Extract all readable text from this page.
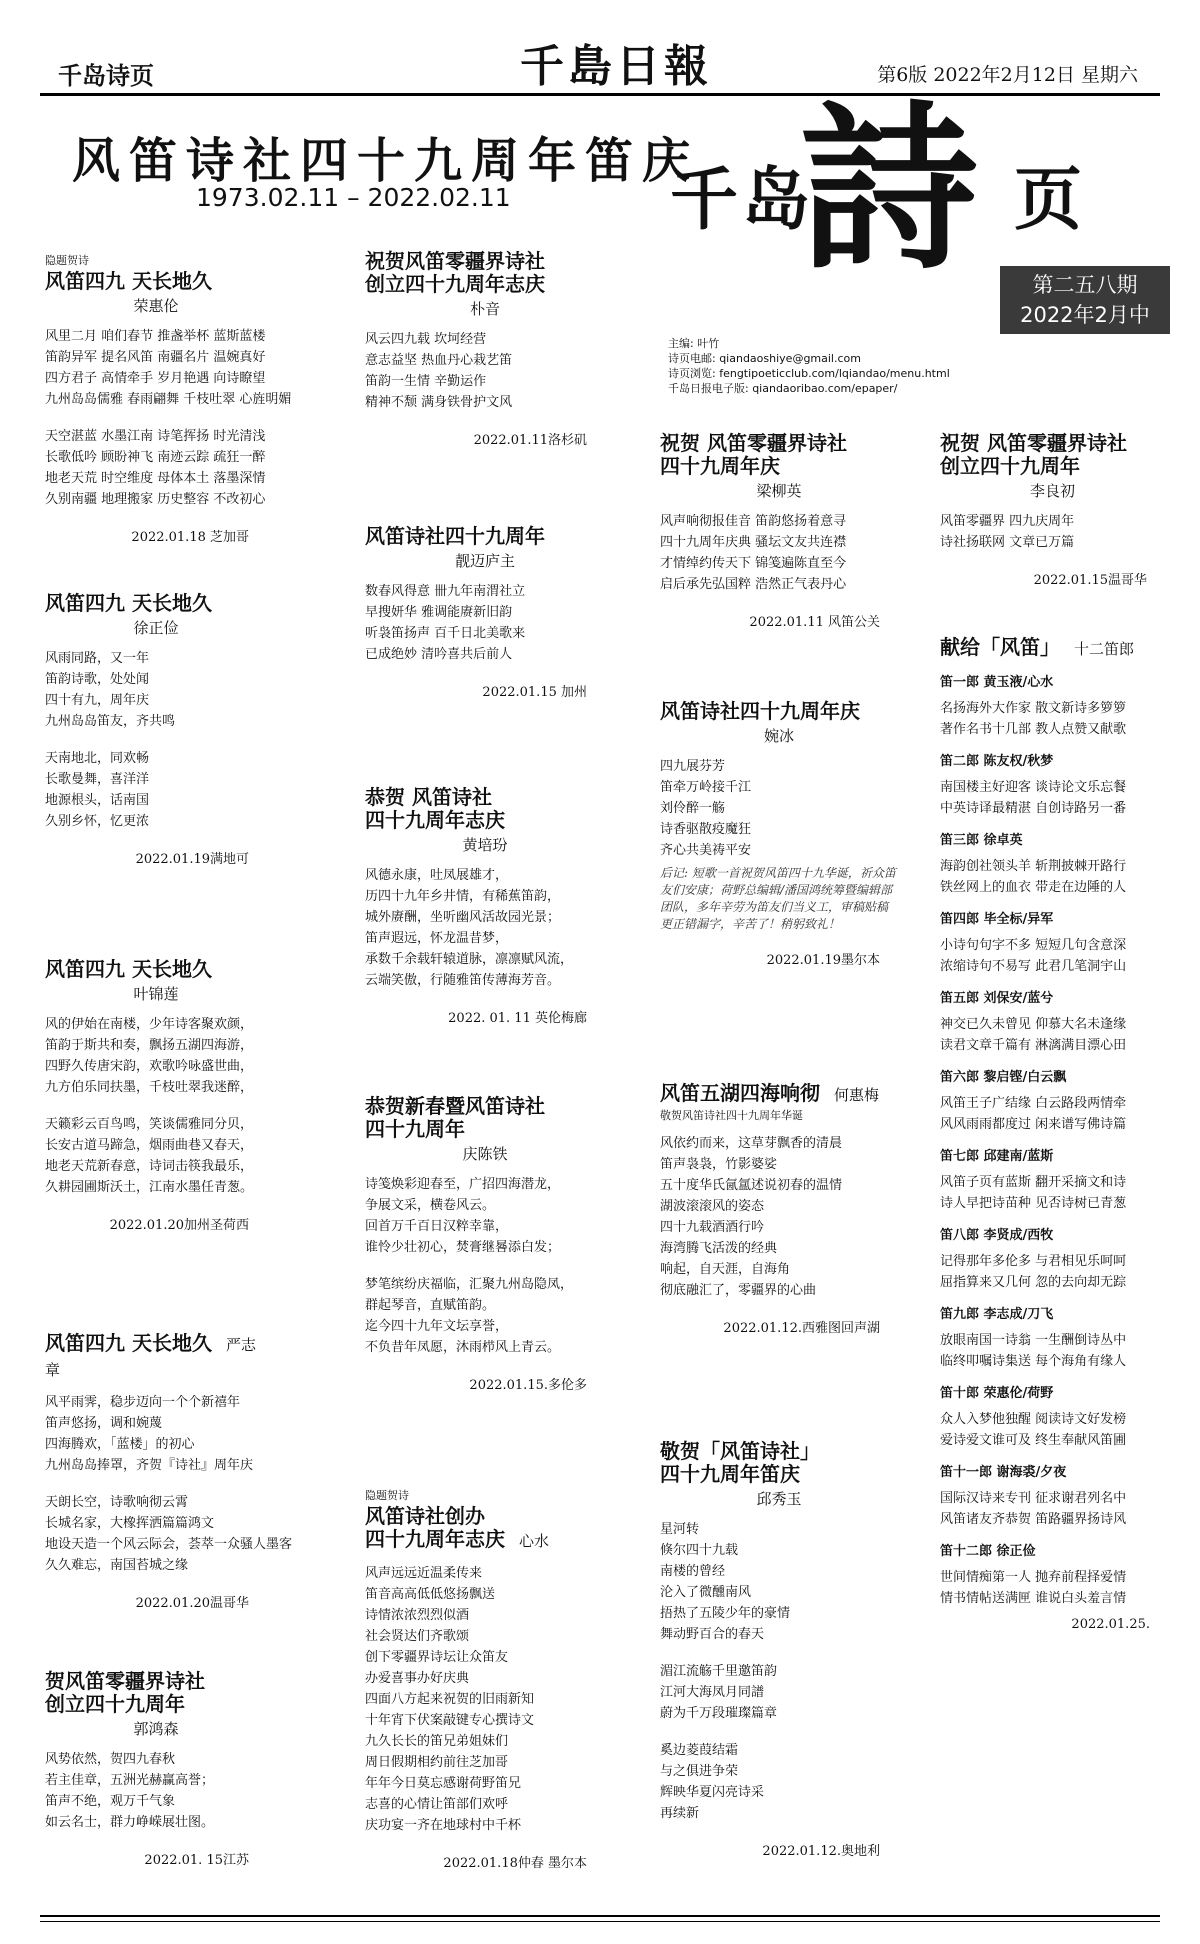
千岛诗页	千島日報	第6版 2022年2月12日 星期六
风笛诗社四十九周年笛庆
1973.02.11 – 2022.02.11 千岛
詩 页
第二五八期
2022年2月中
主编: 叶竹
诗页电邮: qiandaoshiye@gmail.com
诗页浏览: fengtipoeticclub.com/lqiandao/menu.html
千岛日报电子版: qiandaoribao.com/epaper/
隐题贺诗
风笛四九 天长地久
荣惠伦
风里二月 咱们春节 推盏举杯 蓝斯蓝楼
笛韵异军 提名风笛 南疆名片 温婉真好
四方君子 高情牵手 岁月艳遇 向诗瞭望
九州岛岛儒雅 春雨翩舞 千枝吐翠 心旌明媚
天空湛蓝 水墨江南 诗笔挥扬 时光清浅
长歌低吟 顾盼神飞 南迹云踪 疏狂一醉
地老天荒 时空维度 母体本土 落墨深情
久别南疆 地理搬家 历史整容 不改初心
2022.01.18 芝加哥
风笛四九 天长地久
徐正俭
风雨同路，又一年
笛韵诗歌，处处闻
四十有九，周年庆
九州岛岛笛友，齐共鸣
天南地北，同欢畅
长歌曼舞，喜洋洋
地源根头，话南国
久别乡怀，忆更浓
2022.01.19满地可
风笛四九 天长地久
叶锦莲
风的伊始在南楼，少年诗客聚欢颜，
笛韵于斯共和奏，飘扬五湖四海游，
四野久传唐宋韵，欢歌吟咏盛世曲，
九方伯乐同扶墨，千枝吐翠我迷醉，
天籁彩云百鸟鸣，笑谈儒雅同分贝，
长安古道马蹄急，烟雨曲巷又春天，
地老天荒新春意，诗词击筷我最乐，
久耕园圃斯沃土，江南水墨任青葱。
2022.01.20加州圣荷西
风笛四九 天长地久 严志章
风平雨霁，稳步迈向一个个新禧年
笛声悠扬，调和婉蔑
四海腾欢，「蓝楼」的初心
九州岛岛捧罩，齐贺『诗社』周年庆
天朗长空，诗歌响彻云霄
长城名家，大橡挥洒篇篇鸿文
地设天造一个风云际会，荟萃一众骚人墨客
久久难忘，南国苔城之缘
2022.01.20温哥华
贺风笛零疆界诗社
创立四十九周年
郭鸿森
风势依然，贺四九春秋
若主佳章，五洲光赫赢高誉；
笛声不绝，观万千气象
如云名士，群力峥嵘展壮图。
2022.01. 15江苏
祝贺风笛零疆界诗社
创立四十九周年志庆
朴音
风云四九载 坎坷经营
意志益坚 热血丹心栽艺笛
笛韵一生情 辛勤运作
精神不颓 满身铁骨护文风
2022.01.11洛杉矶
风笛诗社四十九周年
靓迈庐主
数春风得意 卌九年南渭社立
早搜妍华 雅调能赓新旧韵
听袅笛扬声 百千日北美歌来
已成绝妙 清吟喜共后前人
2022.01.15 加州
恭贺 风笛诗社
四十九周年志庆
黄培玢
风德永康，吐凤展雄才，
历四十九年乡井情，有稀蕉笛韵，
城外赓酬，坐听幽风活故园光景；
笛声遐远，怀龙温昔梦，
承数千余载轩辕道脉，凛凛赋风流，
云端笑傲，行随雅笛传薄海芳音。
2022. 01. 11 英伦梅廊
恭贺新春暨风笛诗社
四十九周年
庆陈铁
诗笺焕彩迎春至，广招四海潜龙，
争展文采，横卷风云。
回首万千百日汉粹幸靠，
谁怜少壮初心，焚膏继晷添白发；
梦笔缤纷庆福临，汇聚九州岛隐凤，
群起琴音，直赋笛韵。
迄今四十九年文坛享誉，
不负昔年凤愿，沐雨栉风上青云。
2022.01.15.多伦多
隐题贺诗
风笛诗社创办
四十九周年志庆 心水
风声远远近温柔传来
笛音高高低低悠扬飘送
诗情浓浓烈烈似酒
社会贤达们齐歌颂
创下零疆界诗坛让众笛友
办爱喜事办好庆典
四面八方起来祝贺的旧雨新知
十年宵下伏案敲键专心撰诗文
九久长长的笛兄弟姐妹们
周日假期相约前往芝加哥
年年今日莫忘感谢荷野笛兄
志喜的心情让笛部们欢呼
庆功宴一齐在地球村中千杯
2022.01.18仲春 墨尔本
祝贺 风笛零疆界诗社
四十九周年庆
梁柳英
风声响彻报佳音 笛韵悠扬着意寻
四十九周年庆典 骚坛文友共连襟
才情绰约传天下 锦笺遍陈直至今
启后承先弘国粹 浩然正气表丹心
2022.01.11 风笛公关
风笛诗社四十九周年庆
婉冰
四九展芬芳
笛牵万岭接千江
刘伶醉一觞
诗香驱散疫魔狂
齐心共美祷平安
后记: 短歌一首祝贺风笛四十九华诞，祈众笛友们安康；荷野总编辑/潘国鸿统筹暨编辑部团队，多年辛劳为笛友们当义工，审稿贴稿更正错漏字，辛苦了！稍躬致礼！
2022.01.19墨尔本
风笛五湖四海响彻 何惠梅
敬贺风笛诗社四十九周年华诞
风依约而来，这草芽飘香的清晨
笛声袅袅，竹影婆娑
五十度华氏氤氲述说初春的温情
湖波滚滚风的姿态
四十九载酒酒行吟
海湾腾飞活泼的经典
响起，自天涯，自海角
彻底融汇了，零疆界的心曲
2022.01.12.西雅图回声湖
敬贺「风笛诗社」
四十九周年笛庆
邱秀玉
星河转
倏尔四十九载
南楼的曾经
沦入了微醺南风
捂热了五陵少年的豪情
舞动野百合的春天
湄江流觞千里邀笛韵
江河大海凤月同譜
蔚为千万段璀璨篇章
奚边菱葭结霜
与之俱进争荣
辉映华夏闪亮诗采
再续新
2022.01.12.奥地利
祝贺 风笛零疆界诗社
创立四十九周年
李良初
风笛零疆界 四九庆周年
诗社扬联网 文章已万篇
2022.01.15温哥华
献给「风笛」 十二笛郎
笛一郎 黄玉液/心水
名扬海外大作家 散文新诗多箩箩
著作名书十几部 教人点赞又献歌
笛二郎 陈友权/秋梦
南国楼主好迎客 谈诗论文乐忘餐
中英诗译最精湛 自创诗路另一番
笛三郎 徐卓英
海韵创社领头羊 斩荆披棘开路行
铁丝网上的血衣 带走在边陲的人
笛四郎 毕全标/异军
小诗句句字不多 短短几句含意深
浓缩诗句不易写 此君几笔洞宇山
笛五郎 刘保安/蓝兮
神交已久未曾见 仰慕大名未逢缘
读君文章千篇有 淋漓满目漂心田
笛六郎 黎启铿/白云飘
风笛王子广结缘 白云路段两情牵
风风雨雨都度过 闲来谱写佛诗篇
笛七郎 邱建南/蓝斯
风笛子页有蓝斯 翻开采摘文和诗
诗人早把诗苗种 见否诗树已青葱
笛八郎 李贤成/西牧
记得那年多伦多 与君相见乐呵呵
屈指算来又几何 忽的去向却无踪
笛九郎 李志成/刀飞
放眼南国一诗翁 一生酬倒诗丛中
临终叩嘱诗集送 每个海角有缘人
笛十郎 荣惠伦/荷野
众人入梦他独醒 阅读诗文好发榜
爱诗爱文谁可及 终生奉献风笛圃
笛十一郎 谢海裘/夕夜
国际汉诗来专刊 征求谢君列名中
风笛诸友齐恭贺 笛路疆界扬诗风
笛十二郎 徐正俭
世间情痴第一人 抛弃前程择爱情
情书情帖送满匣 谁说白头羞言情
2022.01.25.
